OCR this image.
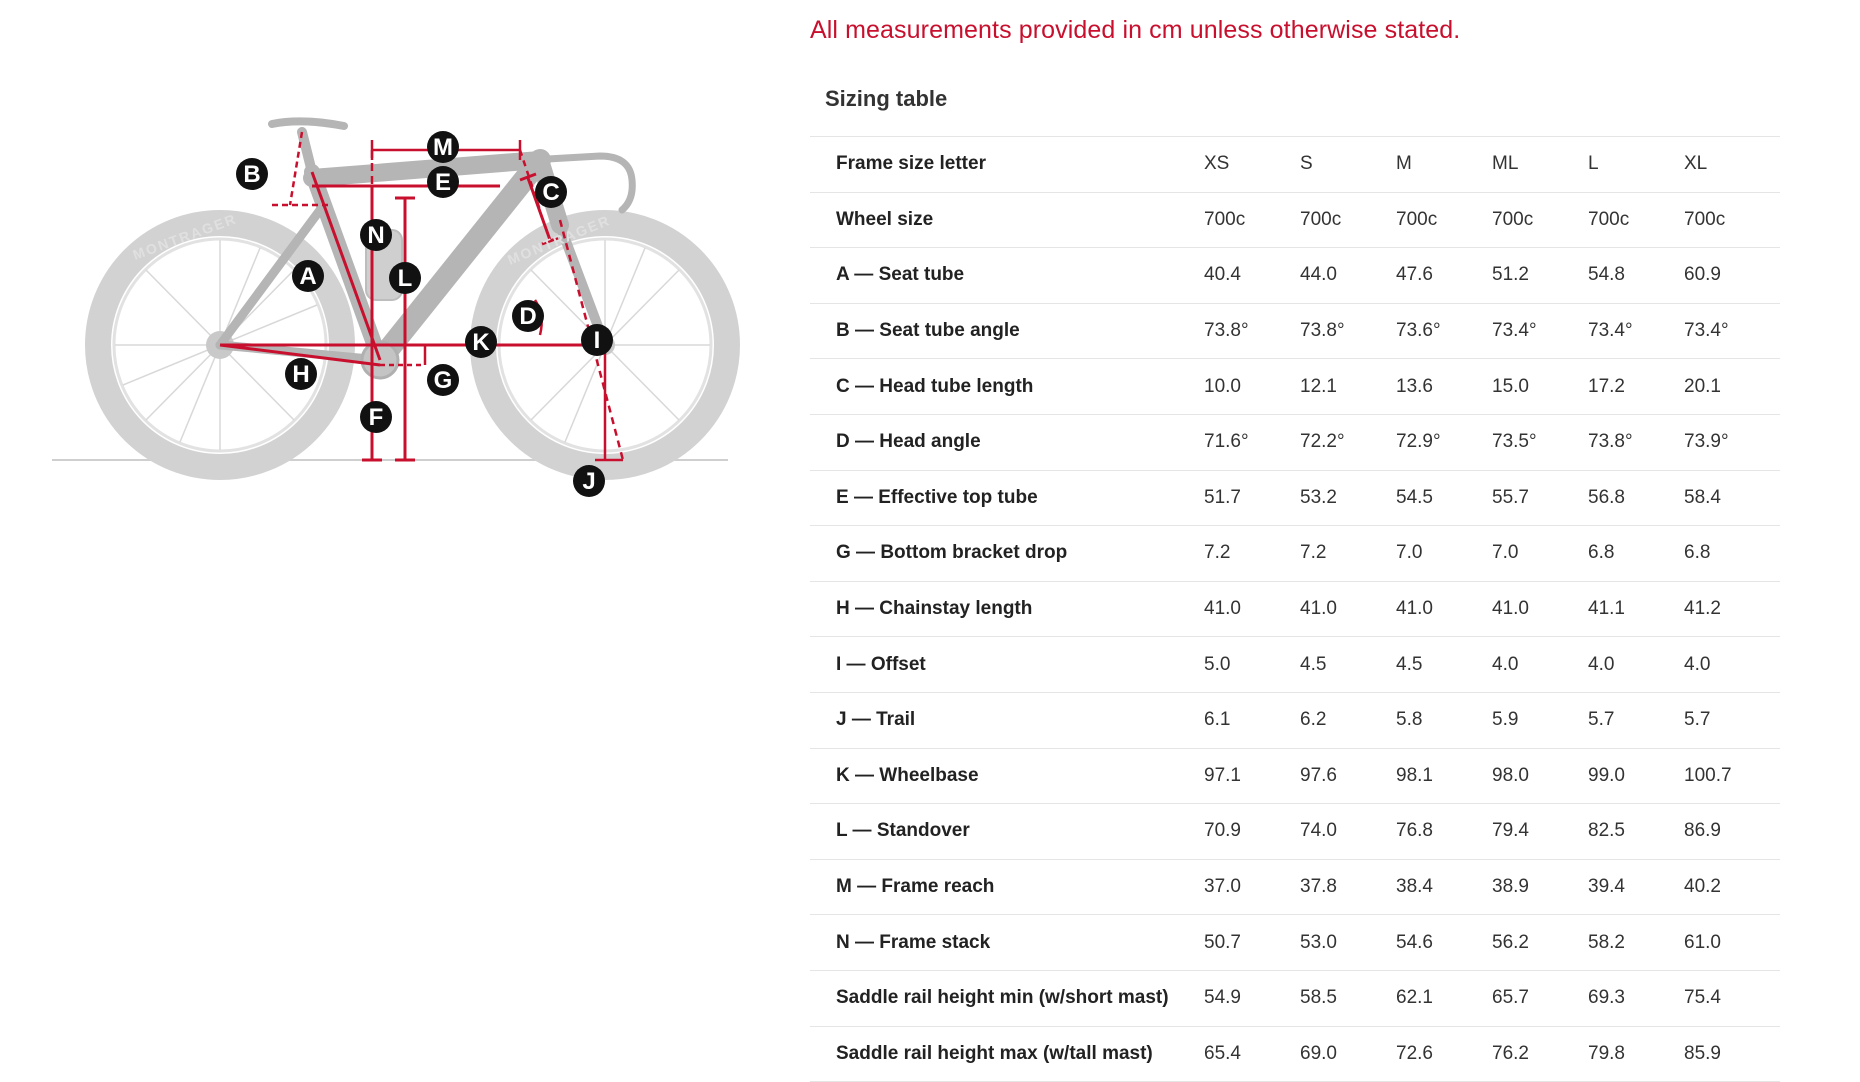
M
B	E	C
N
L
A
D
K	I
H	G
F
J
MONTRAGER	MONTRAGER
All measurements provided in cm unless otherwise stated.
Sizing table
Frame size letter	XS	S	M	ML	L	XL
Wheel size	700c	700c	700c	700c	700c	700c
A — Seat tube	40.4	44.0	47.6	51.2	54.8	60.9
B — Seat tube angle	73.8°	73.8°	73.6°	73.4°	73.4°	73.4°
C — Head tube length	10.0	12.1	13.6	15.0	17.2	20.1
D — Head angle	71.6°	72.2°	72.9°	73.5°	73.8°	73.9°
E — Effective top tube	51.7	53.2	54.5	55.7	56.8	58.4
G — Bottom bracket drop	7.2	7.2	7.0	7.0	6.8	6.8
H — Chainstay length	41.0	41.0	41.0	41.0	41.1	41.2
I — Offset	5.0	4.5	4.5	4.0	4.0	4.0
J — Trail	6.1	6.2	5.8	5.9	5.7	5.7
K — Wheelbase	97.1	97.6	98.1	98.0	99.0	100.7
L — Standover	70.9	74.0	76.8	79.4	82.5	86.9
M — Frame reach	37.0	37.8	38.4	38.9	39.4	40.2
N — Frame stack	50.7	53.0	54.6	56.2	58.2	61.0
Saddle rail height min (w/short mast)	54.9	58.5	62.1	65.7	69.3	75.4
Saddle rail height max (w/tall mast)	65.4	69.0	72.6	76.2	79.8	85.9
